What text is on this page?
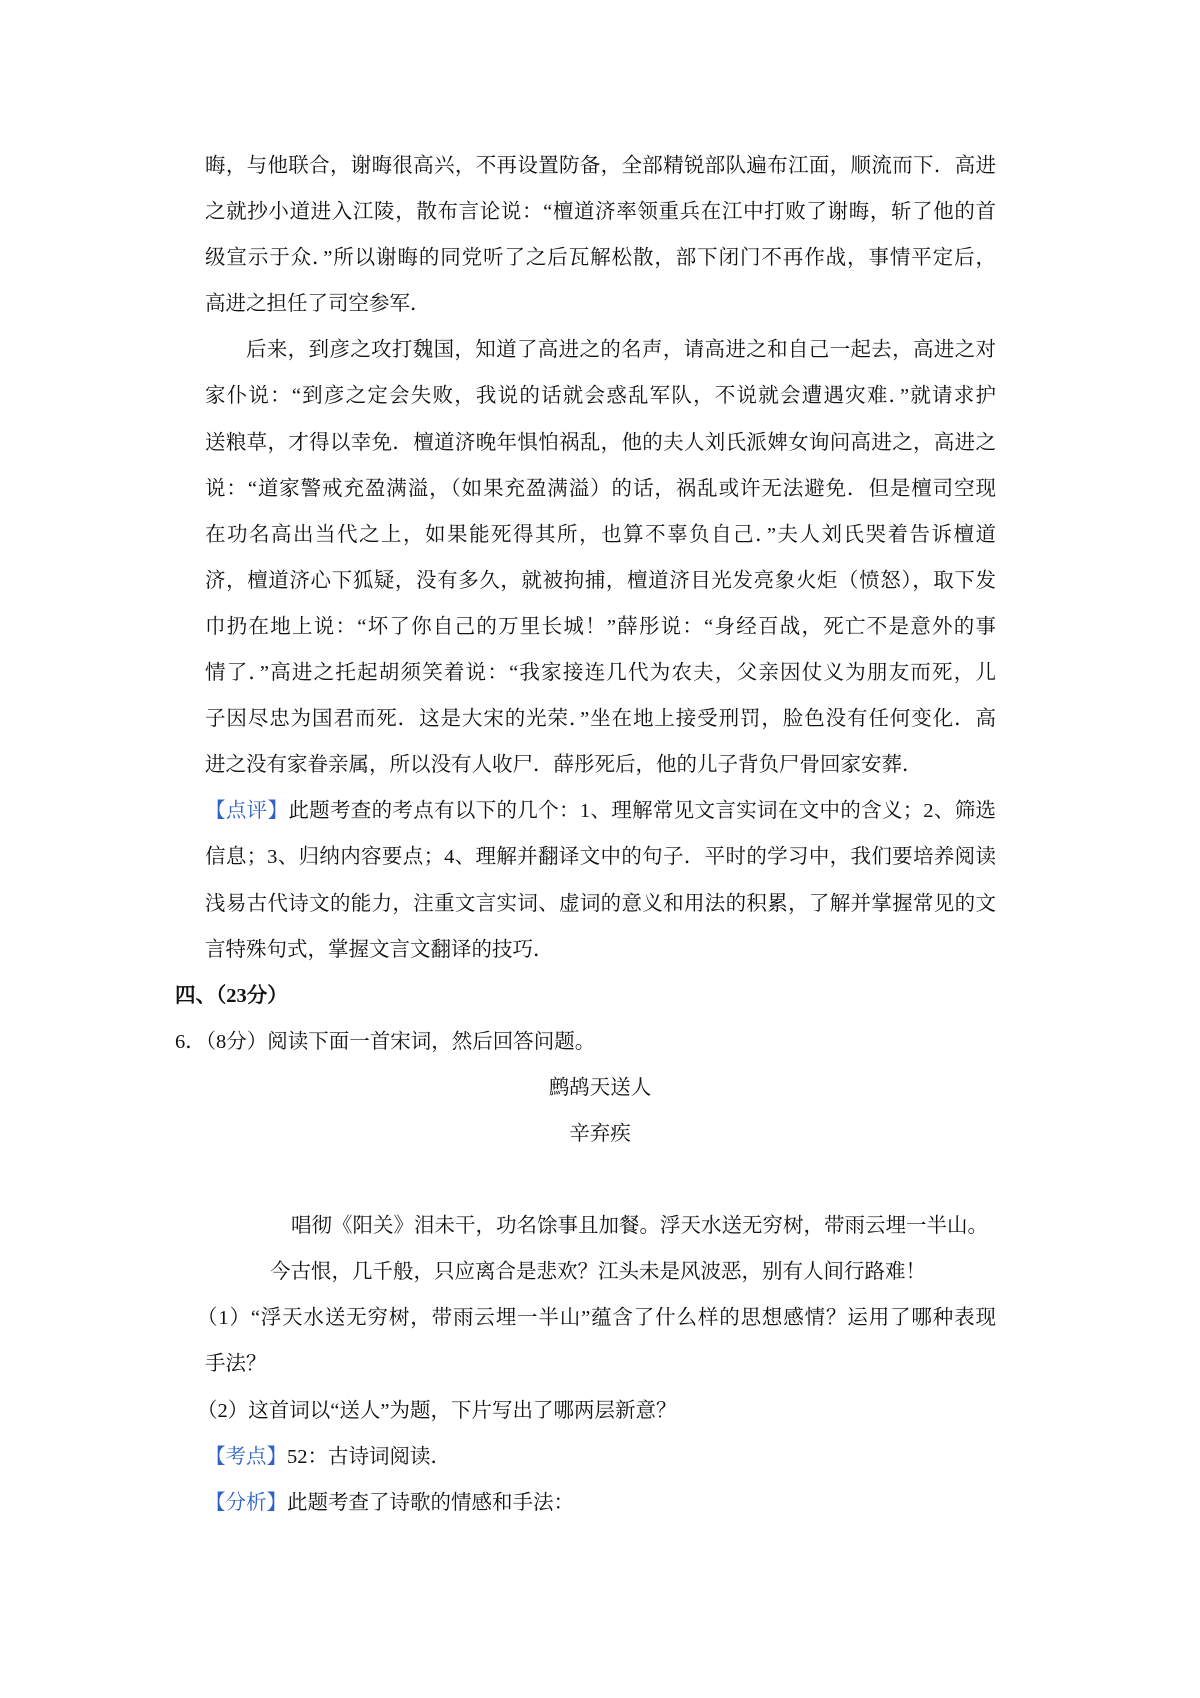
晦，与他联合，谢晦很高兴，不再设置防备，全部精锐部队遍布江面，顺流而下．高进
之就抄小道进入江陵，散布言论说：“檀道济率领重兵在江中打败了谢晦，斩了他的首
级宣示于众．”所以谢晦的同党听了之后瓦解松散，部下闭门不再作战，事情平定后，
高进之担任了司空参军．
后来，到彦之攻打魏国，知道了高进之的名声，请高进之和自己一起去，高进之对
家仆说：“到彦之定会失败，我说的话就会惑乱军队，不说就会遭遇灾难．”就请求护
送粮草，才得以幸免．檀道济晚年惧怕祸乱，他的夫人刘氏派婢女询问高进之，高进之
说：“道家警戒充盈满溢，（如果充盈满溢）的话，祸乱或许无法避免．但是檀司空现
在功名高出当代之上，如果能死得其所，也算不辜负自己．”夫人刘氏哭着告诉檀道
济，檀道济心下狐疑，没有多久，就被拘捕，檀道济目光发亮象火炬（愤怒），取下发
巾扔在地上说：“坏了你自己的万里长城！”薛彤说：“身经百战，死亡不是意外的事
情了．”高进之托起胡须笑着说：“我家接连几代为农夫，父亲因仗义为朋友而死，儿
子因尽忠为国君而死．这是大宋的光荣．”坐在地上接受刑罚，脸色没有任何变化．高
进之没有家眷亲属，所以没有人收尸．薛彤死后，他的儿子背负尸骨回家安葬．
【点评】此题考查的考点有以下的几个：1、理解常见文言实词在文中的含义；2、筛选
信息；3、归纳内容要点；4、理解并翻译文中的句子．平时的学习中，我们要培养阅读
浅易古代诗文的能力，注重文言实词、虚词的意义和用法的积累，了解并掌握常见的文
言特殊句式，掌握文言文翻译的技巧．
四、（23分）
6．（8分）阅读下面一首宋词，然后回答问题。
鹧鸪天送人
辛弃疾
唱彻《阳关》泪未干，功名馀事且加餐。浮天水送无穷树，带雨云埋一半山。
今古恨，几千般，只应离合是悲欢？江头未是风波恶，别有人间行路难！
（1）“浮天水送无穷树，带雨云埋一半山”蕴含了什么样的思想感情？运用了哪种表现
手法？
（2）这首词以“送人”为题，下片写出了哪两层新意？
【考点】52：古诗词阅读．
【分析】此题考查了诗歌的情感和手法：
